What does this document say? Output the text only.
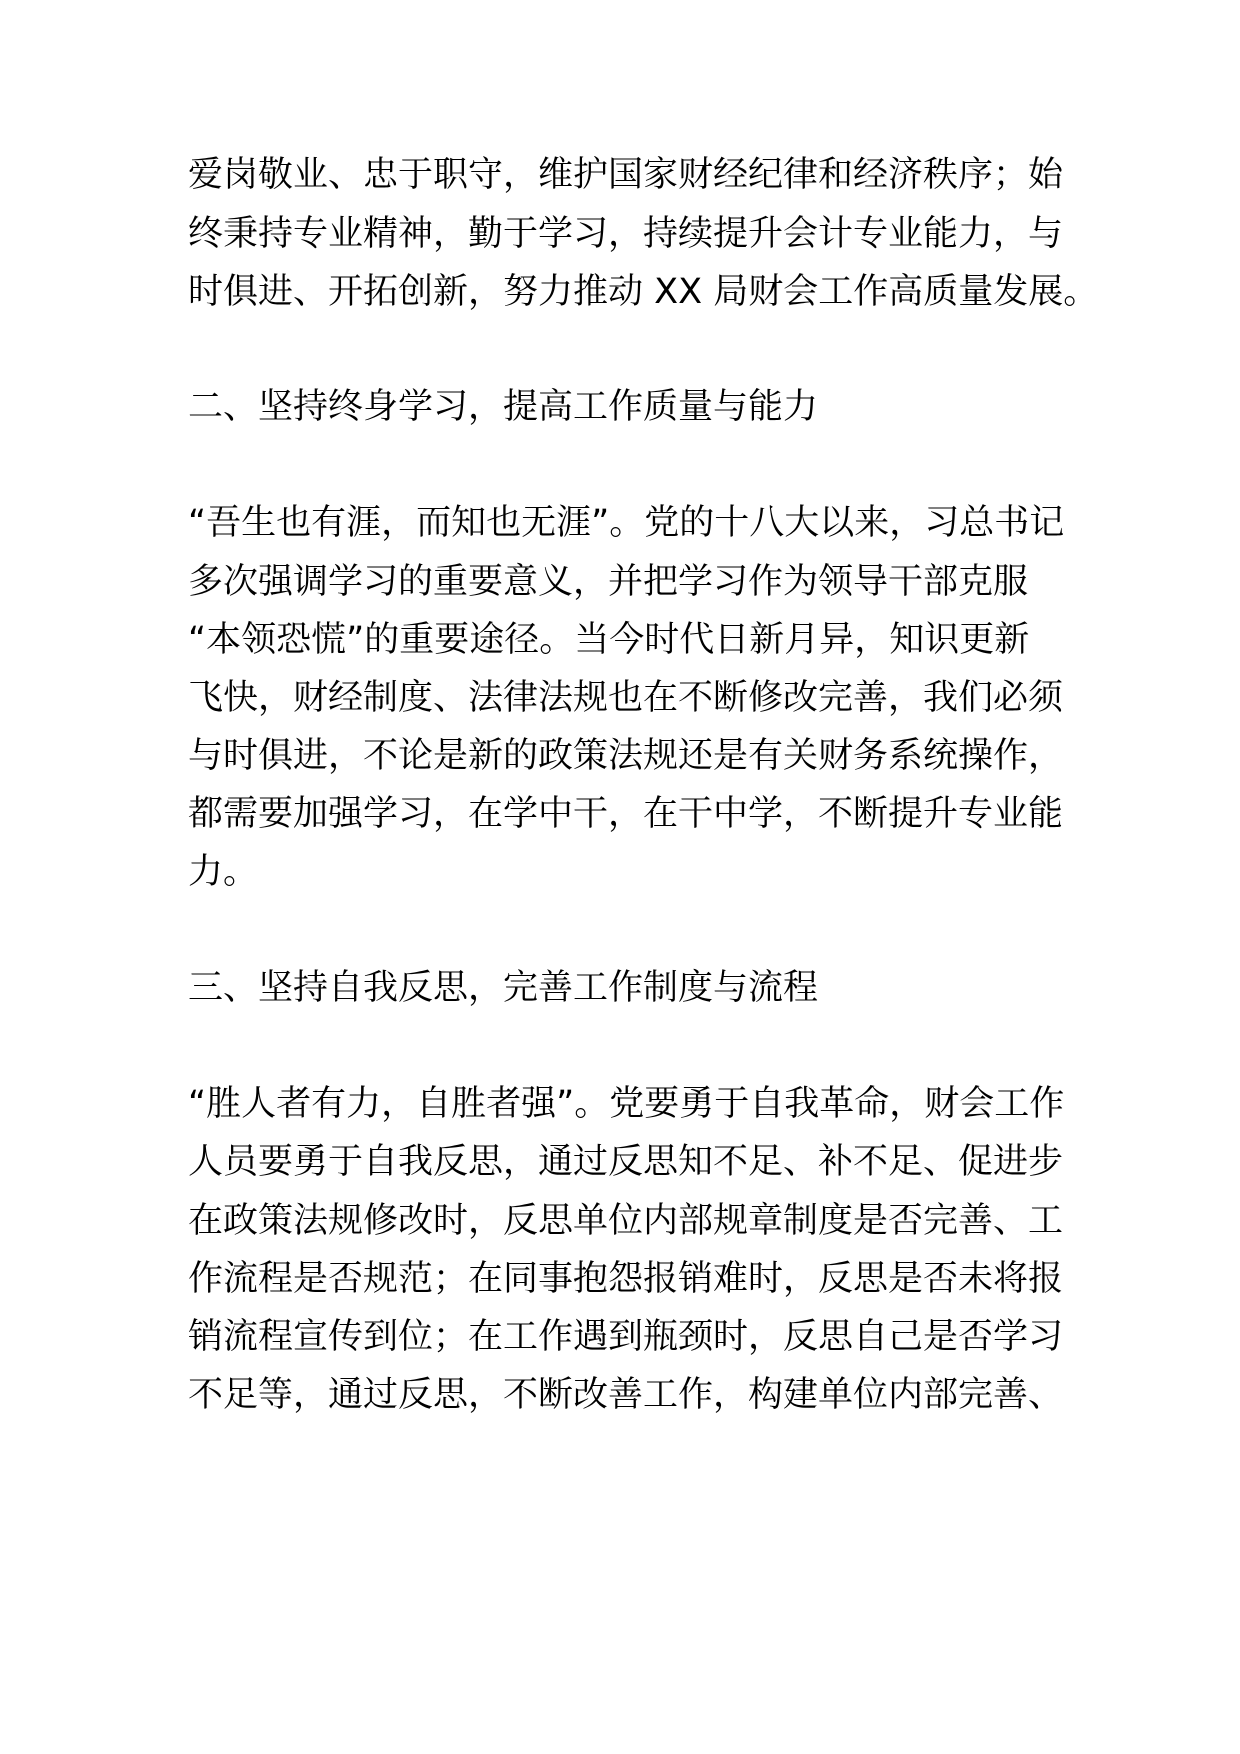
爱岗敬业、忠于职守，维护国家财经纪律和经济秩序；始
终秉持专业精神，勤于学习，持续提升会计专业能力，与
时俱进、开拓创新，努力推动 XX 局财会工作高质量发展。
二、坚持终身学习，提高工作质量与能力
“吾生也有涯，而知也无涯”。党的十八大以来，习总书记
多次强调学习的重要意义，并把学习作为领导干部克服
“本领恐慌”的重要途径。当今时代日新月异，知识更新
飞快，财经制度、法律法规也在不断修改完善，我们必须
与时俱进，不论是新的政策法规还是有关财务系统操作，
都需要加强学习，在学中干，在干中学，不断提升专业能
力。
三、坚持自我反思，完善工作制度与流程
“胜人者有力，自胜者强”。党要勇于自我革命，财会工作
人员要勇于自我反思，通过反思知不足、补不足、促进步
在政策法规修改时，反思单位内部规章制度是否完善、工
作流程是否规范；在同事抱怨报销难时，反思是否未将报
销流程宣传到位；在工作遇到瓶颈时，反思自己是否学习
不足等，通过反思，不断改善工作，构建单位内部完善、
